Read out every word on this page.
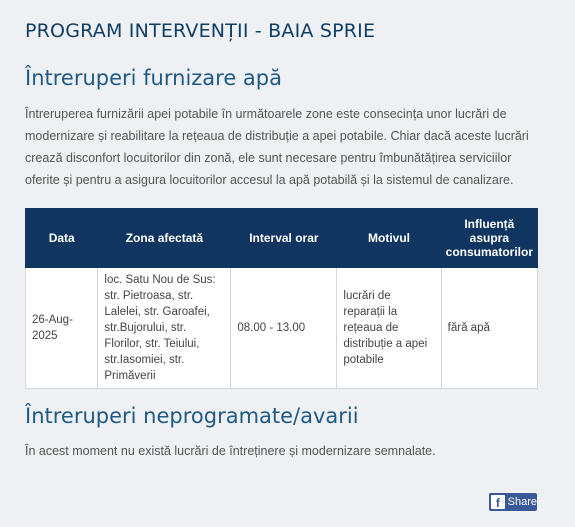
PROGRAM INTERVENȚII - BAIA SPRIE
Întreruperi furnizare apă

Întreruperea furnizării apei potabile în următoarele zone este consecința unor lucrări de modernizare și reabilitare la rețeaua de distribuție a apei potabile. Chiar dacă aceste lucrări crează disconfort locuitorilor din zonă, ele sunt necesare pentru îmbunătățirea serviciilor oferite și pentru a asigura locuitorilor accesul la apă potabilă și la sistemul de canalizare.

Data	Zona afectată	Interval orar	Motivul	Influență asupra consumatorilor
26-Aug-2025	loc. Satu Nou de Sus: str. Pietroasa, str. Lalelei, str. Garoafei, str.Bujorului, str. Florilor, str. Teiului, str.Iasomiei, str. Primăverii	08.00 - 13.00	lucrări de reparații la rețeaua de distribuție a apei potabile	fără apă
Întreruperi neprogramate/avarii

În acest moment nu există lucrări de întreținere și modernizare semnalate.

f Share
